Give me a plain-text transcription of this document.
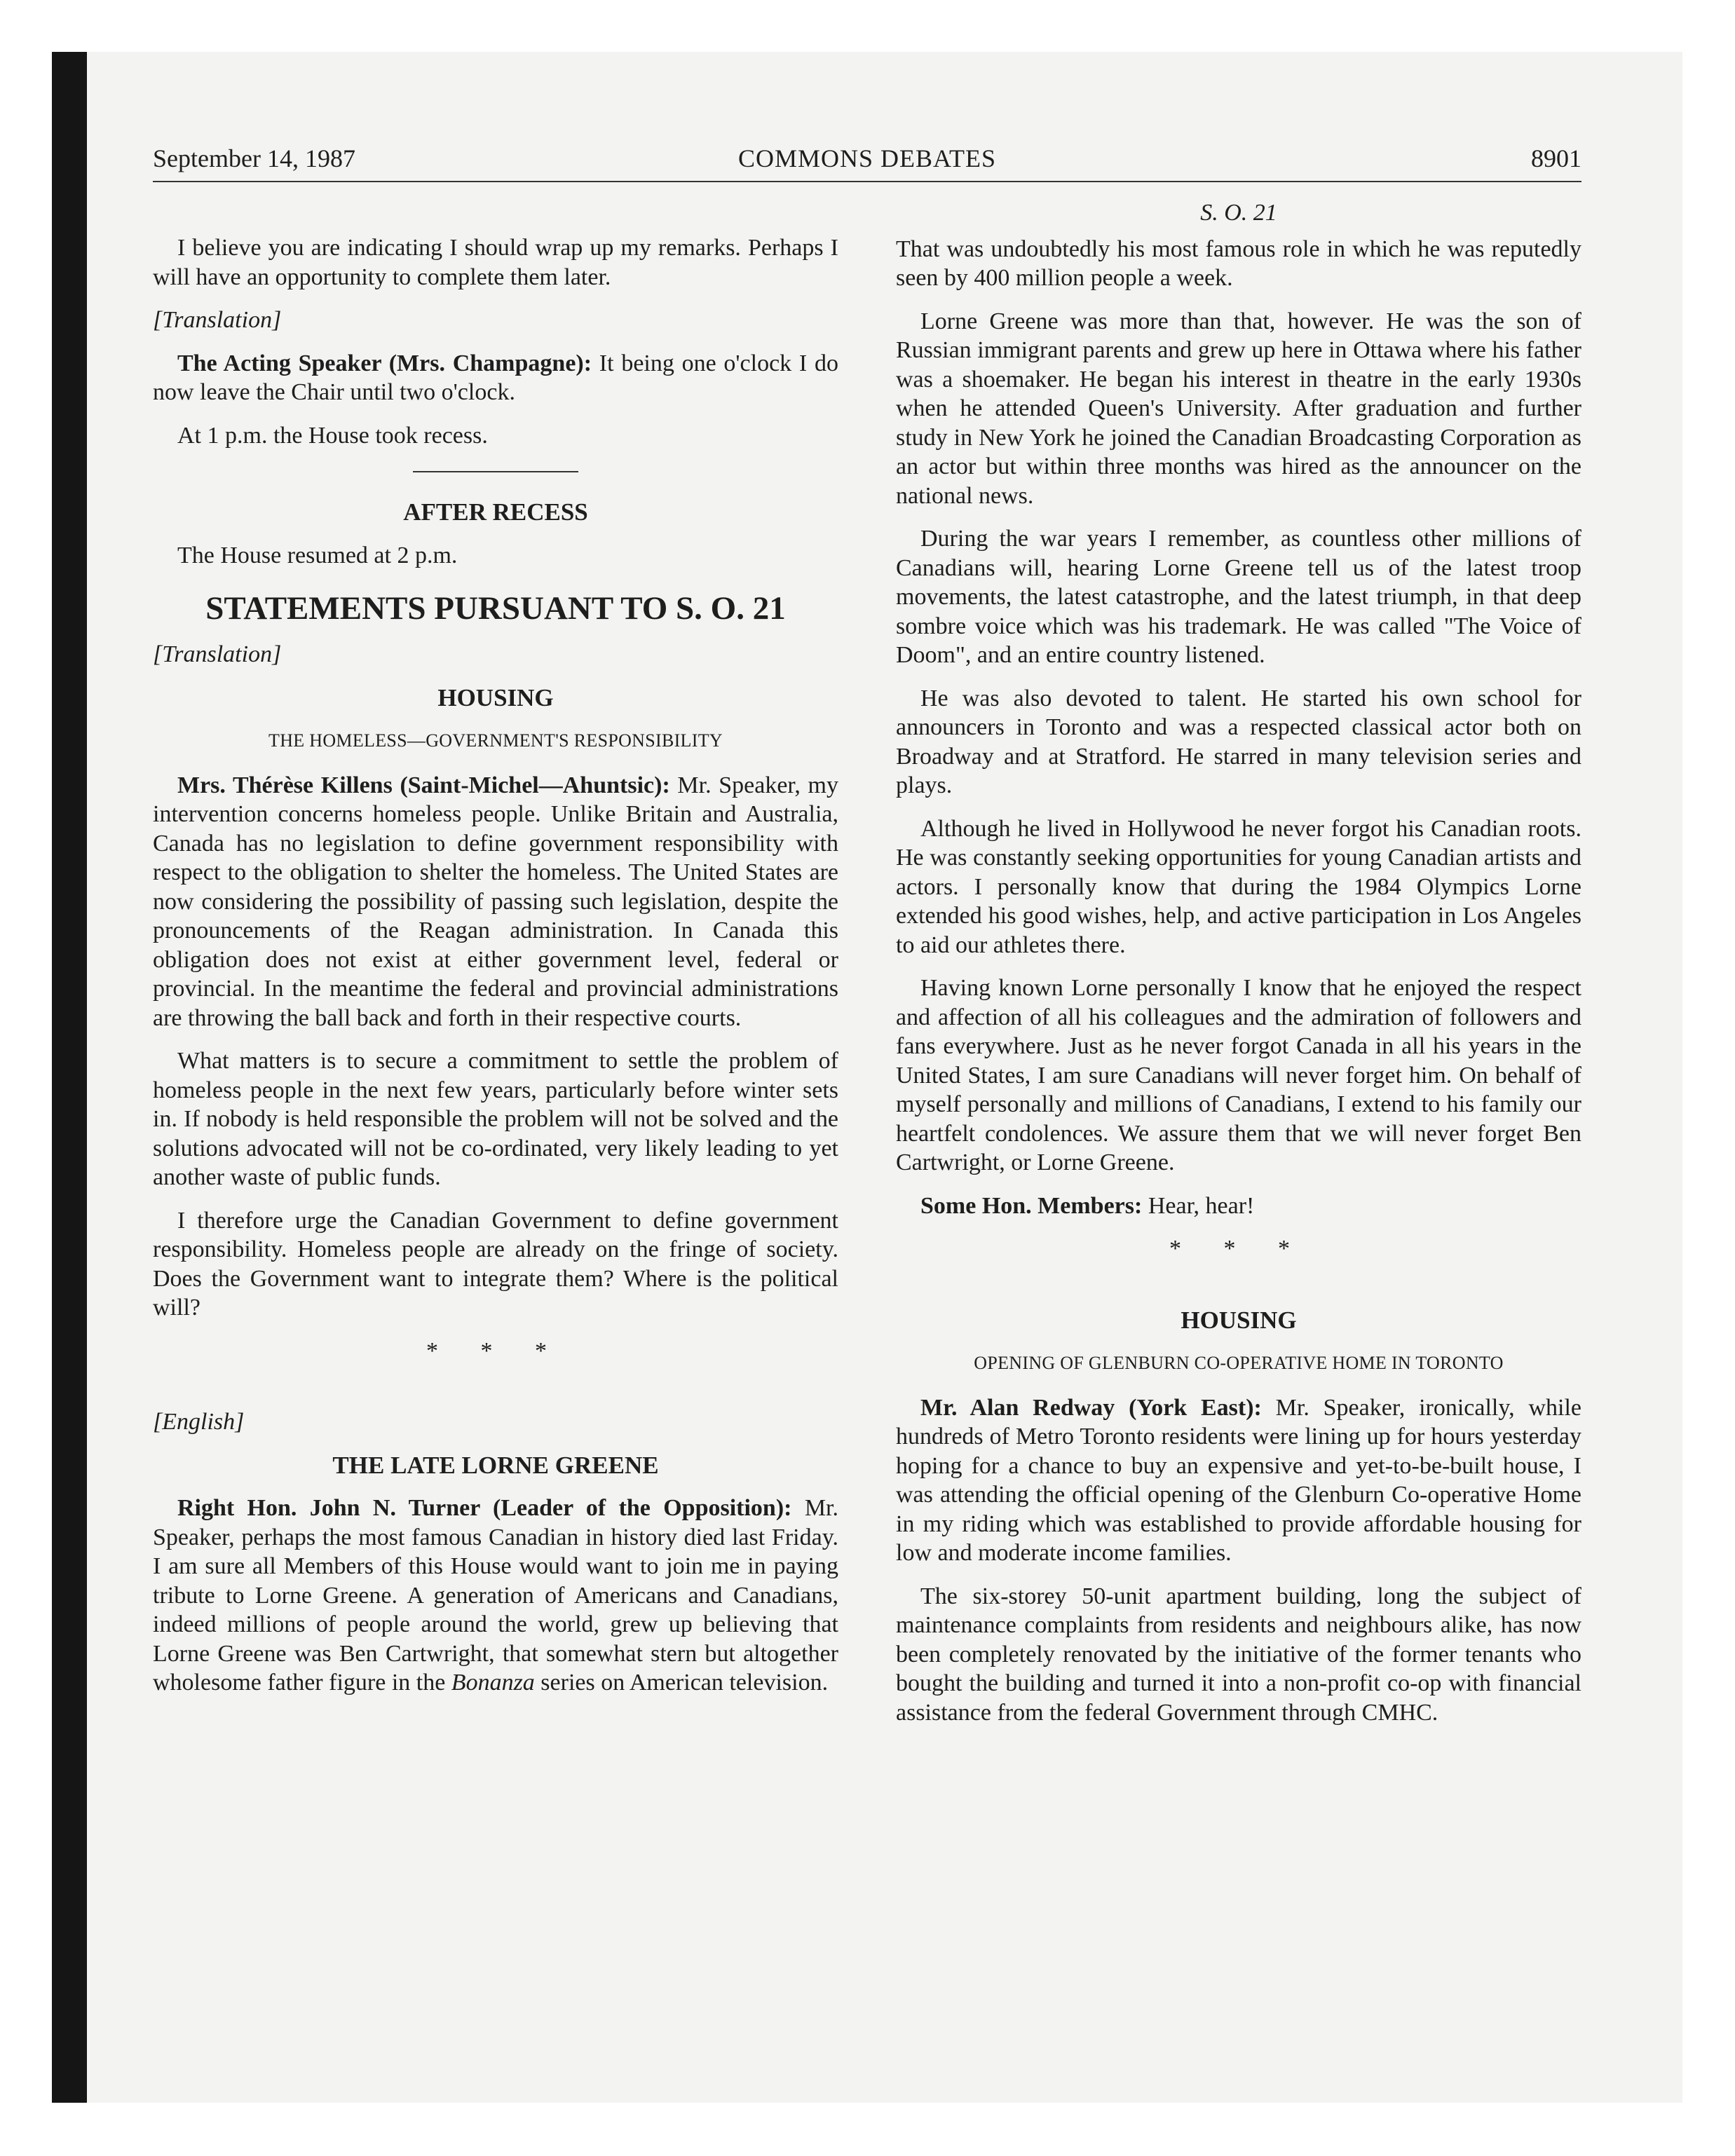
September 14, 1987	COMMONS DEBATES	8901

I believe you are indicating I should wrap up my remarks. Perhaps I will have an opportunity to complete them later.

[Translation]

The Acting Speaker (Mrs. Champagne): It being one o'clock I do now leave the Chair until two o'clock.

At 1 p.m. the House took recess.

AFTER RECESS

The House resumed at 2 p.m.

STATEMENTS PURSUANT TO S. O. 21
[Translation]
HOUSING
THE HOMELESS—GOVERNMENT'S RESPONSIBILITY

Mrs. Thérèse Killens (Saint-Michel—Ahuntsic): Mr. Speaker, my intervention concerns homeless people. Unlike Britain and Australia, Canada has no legislation to define government responsibility with respect to the obligation to shelter the homeless. The United States are now considering the possibility of passing such legislation, despite the pronouncements of the Reagan administration. In Canada this obligation does not exist at either government level, federal or provincial. In the meantime the federal and provincial administrations are throwing the ball back and forth in their respective courts.

What matters is to secure a commitment to settle the problem of homeless people in the next few years, particularly before winter sets in. If nobody is held responsible the problem will not be solved and the solutions advocated will not be co-ordinated, very likely leading to yet another waste of public funds.

I therefore urge the Canadian Government to define government responsibility. Homeless people are already on the fringe of society. Does the Government want to integrate them? Where is the political will?

* * *
[English]
THE LATE LORNE GREENE

Right Hon. John N. Turner (Leader of the Opposition): Mr. Speaker, perhaps the most famous Canadian in history died last Friday. I am sure all Members of this House would want to join me in paying tribute to Lorne Greene. A generation of Americans and Canadians, indeed millions of people around the world, grew up believing that Lorne Greene was Ben Cartwright, that somewhat stern but altogether wholesome father figure in the Bonanza series on American television.

S. O. 21

That was undoubtedly his most famous role in which he was reputedly seen by 400 million people a week.

Lorne Greene was more than that, however. He was the son of Russian immigrant parents and grew up here in Ottawa where his father was a shoemaker. He began his interest in theatre in the early 1930s when he attended Queen's University. After graduation and further study in New York he joined the Canadian Broadcasting Corporation as an actor but within three months was hired as the announcer on the national news.

During the war years I remember, as countless other millions of Canadians will, hearing Lorne Greene tell us of the latest troop movements, the latest catastrophe, and the latest triumph, in that deep sombre voice which was his trademark. He was called "The Voice of Doom", and an entire country listened.

He was also devoted to talent. He started his own school for announcers in Toronto and was a respected classical actor both on Broadway and at Stratford. He starred in many television series and plays.

Although he lived in Hollywood he never forgot his Canadian roots. He was constantly seeking opportunities for young Canadian artists and actors. I personally know that during the 1984 Olympics Lorne extended his good wishes, help, and active participation in Los Angeles to aid our athletes there.

Having known Lorne personally I know that he enjoyed the respect and affection of all his colleagues and the admiration of followers and fans everywhere. Just as he never forgot Canada in all his years in the United States, I am sure Canadians will never forget him. On behalf of myself personally and millions of Canadians, I extend to his family our heartfelt condolences. We assure them that we will never forget Ben Cartwright, or Lorne Greene.

Some Hon. Members: Hear, hear!

* * *
HOUSING
OPENING OF GLENBURN CO-OPERATIVE HOME IN TORONTO

Mr. Alan Redway (York East): Mr. Speaker, ironically, while hundreds of Metro Toronto residents were lining up for hours yesterday hoping for a chance to buy an expensive and yet-to-be-built house, I was attending the official opening of the Glenburn Co-operative Home in my riding which was established to provide affordable housing for low and moderate income families.

The six-storey 50-unit apartment building, long the subject of maintenance complaints from residents and neighbours alike, has now been completely renovated by the initiative of the former tenants who bought the building and turned it into a non-profit co-op with financial assistance from the federal Government through CMHC.
